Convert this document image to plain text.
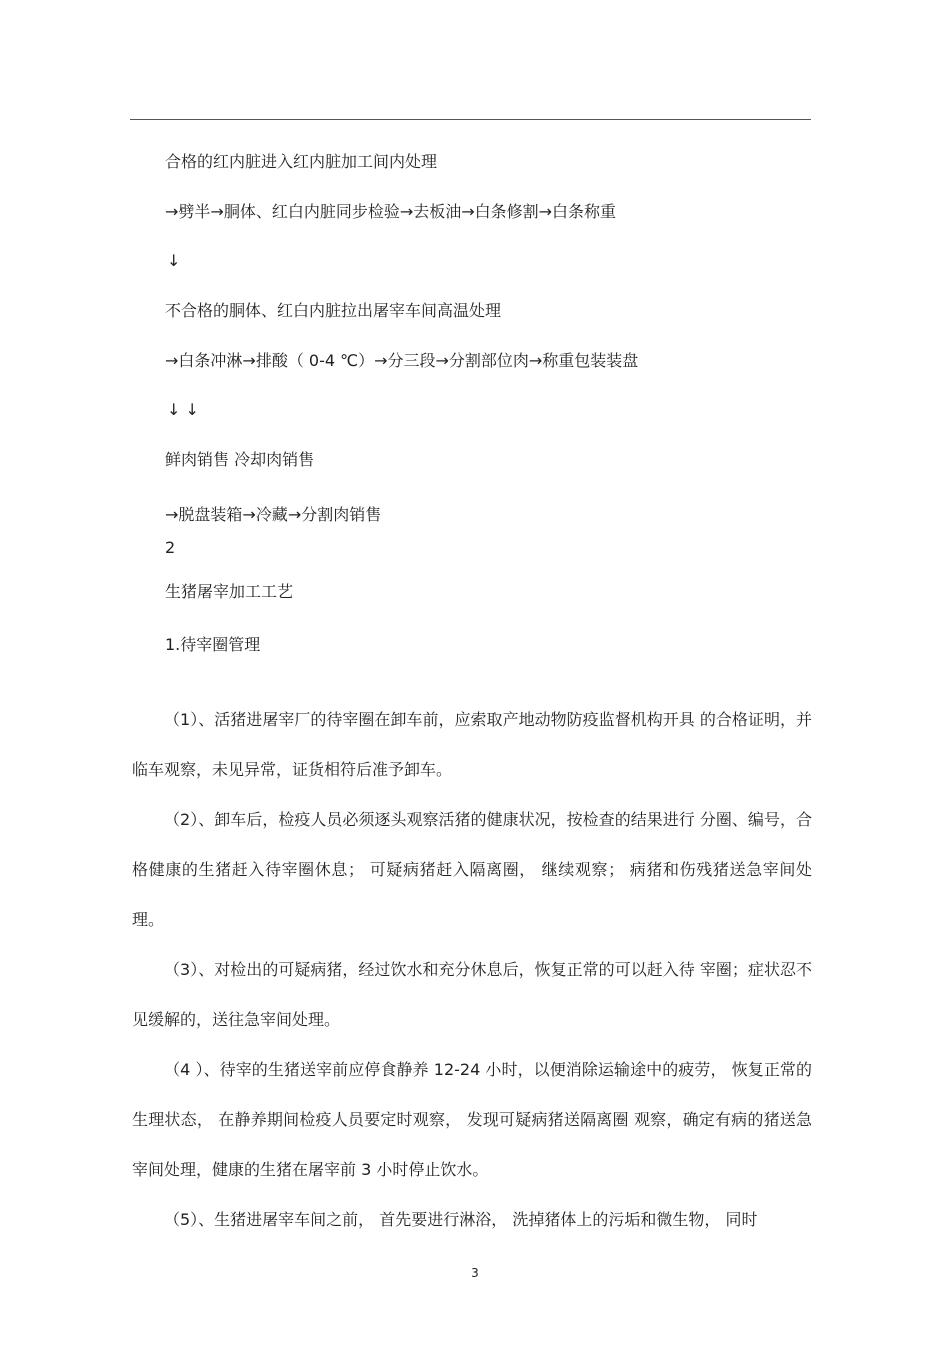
合格的红内脏进入红内脏加工间内处理
→劈半→胴体、红白内脏同步检验→去板油→白条修割→白条称重
↓
不合格的胴体、红白内脏拉出屠宰车间高温处理
→白条冲淋→排酸（ 0-4 ℃）→分三段→分割部位肉→称重包装装盘
↓ ↓
鲜肉销售 冷却肉销售
→脱盘装箱→冷藏→分割肉销售
2
生猪屠宰加工工艺
1.待宰圈管理
（1）、活猪进屠宰厂的待宰圈在卸车前，应索取产地动物防疫监督机构开具 的合格证明，并临车观察，未见异常，证货相符后准予卸车。
（2）、卸车后，检疫人员必须逐头观察活猪的健康状况，按检查的结果进行 分圈、编号，合格健康的生猪赶入待宰圈休息； 可疑病猪赶入隔离圈， 继续观察； 病猪和伤残猪送急宰间处理。
（3）、对检出的可疑病猪，经过饮水和充分休息后，恢复正常的可以赶入待 宰圈；症状忍不见缓解的，送往急宰间处理。
（4 ）、待宰的生猪送宰前应停食静养 12-24 小时，以便消除运输途中的疲劳， 恢复正常的生理状态， 在静养期间检疫人员要定时观察， 发现可疑病猪送隔离圈 观察，确定有病的猪送急宰间处理，健康的生猪在屠宰前 3 小时停止饮水。
（5）、生猪进屠宰车间之前， 首先要进行淋浴， 洗掉猪体上的污垢和微生物， 同时
3
